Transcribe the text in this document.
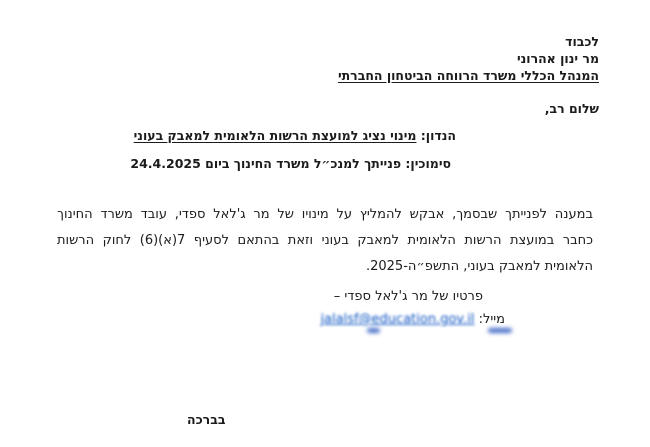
לכבוד
מר ינון אהרוני
המנהל הכללי משרד הרווחה הביטחון החברתי
שלום רב,
הנדון: מינוי נציג למועצת הרשות הלאומית למאבק בעוני
סימוכין: פנייתך למנכ״ל משרד החינוך ביום 24.4.2025
במענה לפנייתך שבסמך, אבקש להמליץ על מינויו של מר ג'לאל ספדי, עובד משרד החינוך
כחבר במועצת הרשות הלאומית למאבק בעוני וזאת בהתאם לסעיף 7(א)(6) לחוק הרשות
הלאומית למאבק בעוני, התשפ״ה-2025.
פרטיו של מר ג'לאל ספדי –
מייל: jalalsf@education.gov.il
בברכה
